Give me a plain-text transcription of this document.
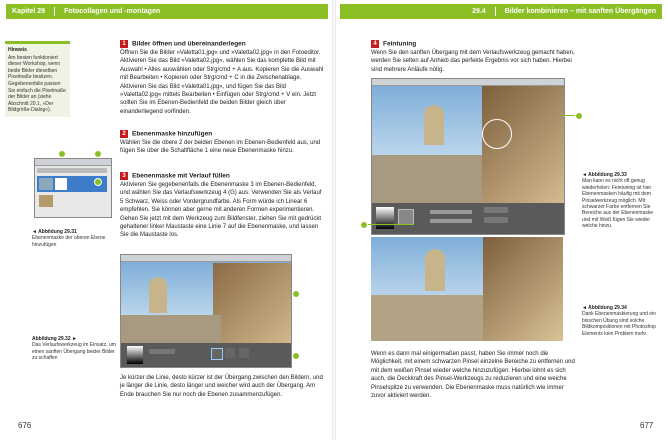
Kapitel 29	Fotocollagen und -montagen
Hinweis
Am besten funktioniert dieser Workshop, wenn beide Bilder dieselben Pixelmaße besitzen. Gegebenenfalls passen Sie einfach die Pixelmaße der Bilder an (siehe Abschnitt 20.1, »Der Bildgröße-Dialog«).
1 Bilder öffnen und übereinanderlegen
Öffnen Sie die Bilder »Valetta01.jpg« und »Valetta02.jpg« in den Fotoeditor. Aktivieren Sie das Bild »Valetta02.jpg«, wählen Sie das komplette Bild mit Auswahl • Alles auswählen oder Strg/cmd + A aus. Kopieren Sie die Auswahl mit Bearbeiten • Kopieren oder Strg/cmd + C in die Zwischenablage. Aktivieren Sie das Bild »Valetta01.jpg«, und fügen Sie das Bild »Valetta02.jpg« mittels Bearbeiten • Einfügen oder Strg/cmd + V ein. Jetzt sollten Sie im Ebenen-Bedienfeld die beiden Bilder gleich über einanderliegend vorfinden.
2 Ebenenmaske hinzufügen
Wählen Sie die obere 2 der beiden Ebenen im Ebenen-Bedienfeld aus, und fügen Sie über die Schaltfläche 1 eine neue Ebenenmaske hinzu.
3 Ebenenmaske mit Verlauf füllen
Aktivieren Sie gegebenenfalls die Ebenenmaske 3 im Ebenen-Bedienfeld, und wählen Sie das Verlaufswerkzeug 4 (G) aus. Verwenden Sie als Verlauf 5 Schwarz, Weiss oder Vordergrundfarbe. Als Form würde ich Linear 6 empfehlen. Sie können aber gerne mit anderen Formen experimentieren. Gehen Sie jetzt mit dem Werkzeug zum Bildfenster, ziehen Sie mit gedrückt gehaltener linker Maustaste eine Linie 7 auf die Ebenenmaske, und lassen Sie die Maustaste los.
◄ Abbildung 29.31
Ebenenmaske der oberen Ebene hinzufügen
Abbildung 29.32 ►
Das Verlaufswerkzeug im Einsatz, um einen sanften Übergang beider Bilder zu schaffen
Je kürzer die Linie, desto kürzer ist der Übergang zwischen den Bildern, und je länger die Linie, desto länger und weicher wird auch der Übergang. Am Ende brauchen Sie nur noch die Ebenen zusammenzufügen.
676
29.4	Bilder kombinieren – mit sanften Übergängen
4 Feintuning
Wenn Sie den sanften Übergang mit dem Verlaufswerkzeug gemacht haben, werden Sie selten auf Anhieb das perfekte Ergebnis vor sich haben. Hierbei sind mehrere Anläufe nötig.
◄ Abbildung 29.33
Man kann es nicht oft genug wiederholen: Feintuning ist hier Ebenenmasken häufig mit dem Pinselwerkzeug möglich. Mit schwarzer Farbe entfernen Sie Bereiche aus der Ebenenmaske und mit Weiß fügen Sie wieder welche hinzu.
◄ Abbildung 29.34
Dank Ebenenmaskierung und ein bisschen Übung sind solche Bildkompositionen mit Photoshop Elements kein Problem mehr.
Wenn es dann mal einigermaßen passt, haben Sie immer noch die Möglichkeit, mit einem schwarzen Pinsel einzelne Bereiche zu entfernen und mit dem weißen Pinsel wieder welche hinzuzufügen. Hierbei lohnt es sich auch, die Deckkraft des Pinsel-Werkzeugs zu reduzieren und eine weiche Pinselspitze zu verwenden. Die Ebenenmaske muss natürlich wie immer zuvor aktiviert werden.
677
